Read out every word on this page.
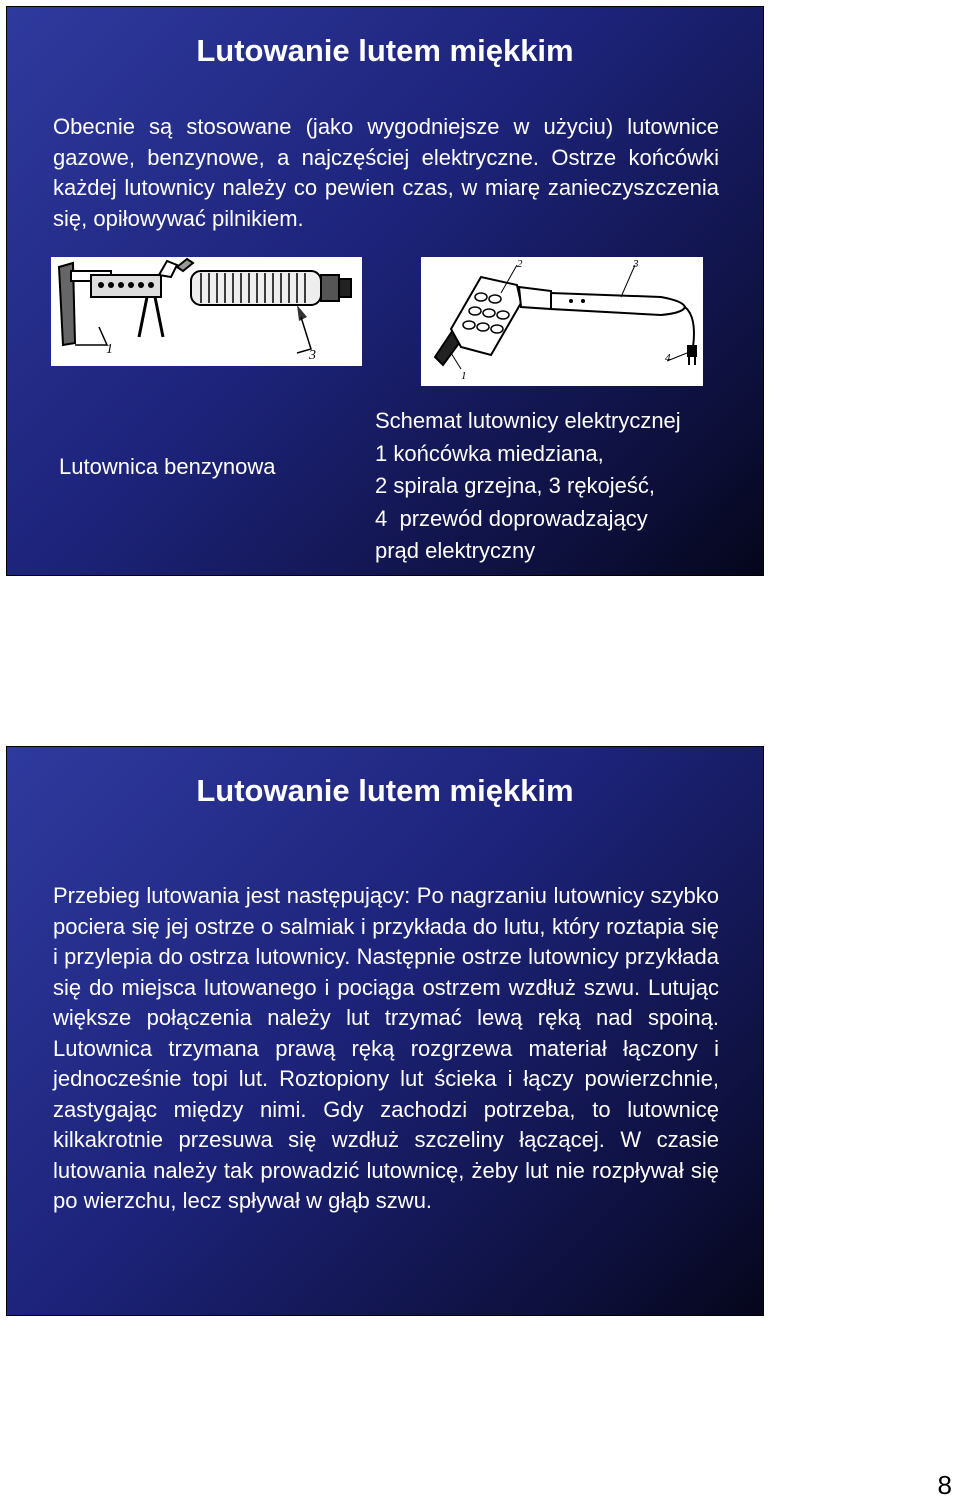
Lutowanie lutem miękkim

Obecnie są stosowane (jako wygodniejsze w użyciu) lutownice gazowe, benzynowe, a najczęściej elektryczne. Ostrze końcówki każdej lutownicy należy co pewien czas, w miarę zanieczyszczenia się, opiłowywać pilnikiem.

1	3
2	3
1
4
Lutownica benzynowa
Schemat lutownicy elektrycznej
1 końcówka miedziana,
2 spirala grzejna, 3 rękojeść,
4  przewód doprowadzający
prąd elektryczny
Lutowanie lutem miękkim

Przebieg lutowania jest następujący: Po nagrzaniu lutownicy szybko pociera się jej ostrze o salmiak i przykłada do lutu, który roztapia się i przylepia do ostrza lutownicy. Następnie ostrze lutownicy przykłada się do miejsca lutowanego i pociąga ostrzem wzdłuż szwu. Lutując większe połączenia należy lut trzymać lewą ręką nad spoiną. Lutownica trzymana prawą ręką rozgrzewa materiał łączony i jednocześnie topi lut. Roztopiony lut ścieka i łączy powierzchnie, zastygając między nimi. Gdy zachodzi potrzeba, to lutownicę kilkakrotnie przesuwa się wzdłuż szczeliny łączącej. W czasie lutowania należy tak prowadzić lutownicę, żeby lut nie rozpływał się po wierzchu, lecz spływał w głąb szwu.

8
